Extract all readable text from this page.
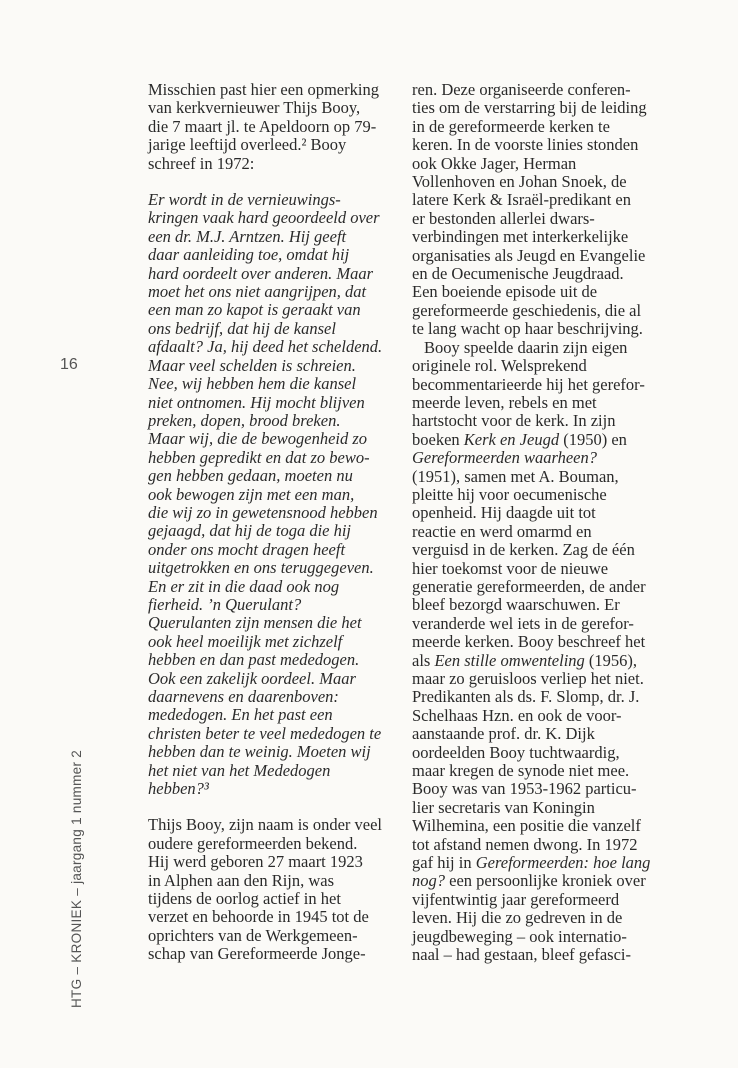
16
HTG – KRONIEK – jaargang 1 nummer 2
Misschien past hier een opmerking
van kerkvernieuwer Thijs Booy,
die 7 maart jl. te Apeldoorn op 79-
jarige leeftijd overleed.² Booy
schreef in 1972:
Er wordt in de vernieuwings-
kringen vaak hard geoordeeld over
een dr. M.J. Arntzen. Hij geeft
daar aanleiding toe, omdat hij
hard oordeelt over anderen. Maar
moet het ons niet aangrijpen, dat
een man zo kapot is geraakt van
ons bedrijf, dat hij de kansel
afdaalt? Ja, hij deed het scheldend.
Maar veel schelden is schreien.
Nee, wij hebben hem die kansel
niet ontnomen. Hij mocht blijven
preken, dopen, brood breken.
Maar wij, die de bewogenheid zo
hebben gepredikt en dat zo bewo-
gen hebben gedaan, moeten nu
ook bewogen zijn met een man,
die wij zo in gewetensnood hebben
gejaagd, dat hij de toga die hij
onder ons mocht dragen heeft
uitgetrokken en ons teruggegeven.
En er zit in die daad ook nog
fierheid. ’n Querulant?
Querulanten zijn mensen die het
ook heel moeilijk met zichzelf
hebben en dan past mededogen.
Ook een zakelijk oordeel. Maar
daarnevens en daarenboven:
mededogen. En het past een
christen beter te veel mededogen te
hebben dan te weinig. Moeten wij
het niet van het Mededogen
hebben?³
Thijs Booy, zijn naam is onder veel
oudere gereformeerden bekend.
Hij werd geboren 27 maart 1923
in Alphen aan den Rijn, was
tijdens de oorlog actief in het
verzet en behoorde in 1945 tot de
oprichters van de Werkgemeen-
schap van Gereformeerde Jonge-
ren. Deze organiseerde conferen-
ties om de verstarring bij de leiding
in de gereformeerde kerken te
keren. In de voorste linies stonden
ook Okke Jager, Herman
Vollenhoven en Johan Snoek, de
latere Kerk & Israël-predikant en
er bestonden allerlei dwars-
verbindingen met interkerkelijke
organisaties als Jeugd en Evangelie
en de Oecumenische Jeugdraad.
Een boeiende episode uit de
gereformeerde geschiedenis, die al
te lang wacht op haar beschrijving.
Booy speelde daarin zijn eigen
originele rol. Welsprekend
becommentarieerde hij het gerefor-
meerde leven, rebels en met
hartstocht voor de kerk. In zijn
boeken Kerk en Jeugd (1950) en
Gereformeerden waarheen?
(1951), samen met A. Bouman,
pleitte hij voor oecumenische
openheid. Hij daagde uit tot
reactie en werd omarmd en
verguisd in de kerken. Zag de één
hier toekomst voor de nieuwe
generatie gereformeerden, de ander
bleef bezorgd waarschuwen. Er
veranderde wel iets in de gerefor-
meerde kerken. Booy beschreef het
als Een stille omwenteling (1956),
maar zo geruisloos verliep het niet.
Predikanten als ds. F. Slomp, dr. J.
Schelhaas Hzn. en ook de voor-
aanstaande prof. dr. K. Dijk
oordeelden Booy tuchtwaardig,
maar kregen de synode niet mee.
Booy was van 1953-1962 particu-
lier secretaris van Koningin
Wilhemina, een positie die vanzelf
tot afstand nemen dwong. In 1972
gaf hij in Gereformeerden: hoe lang
nog? een persoonlijke kroniek over
vijfentwintig jaar gereformeerd
leven. Hij die zo gedreven in de
jeugdbeweging – ook internatio-
naal – had gestaan, bleef gefasci-
